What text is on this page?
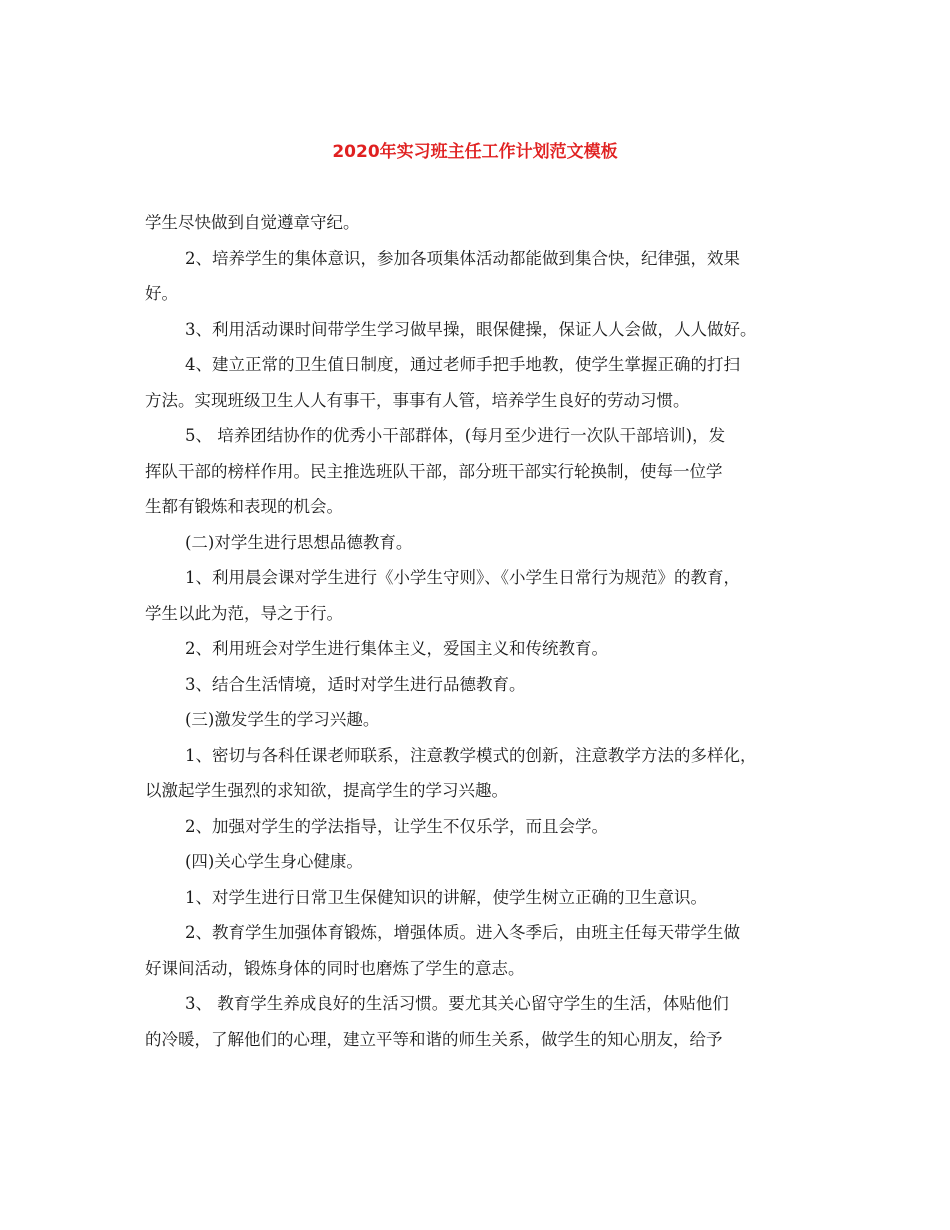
2020年实习班主任工作计划范文模板
学生尽快做到自觉遵章守纪。
2、培养学生的集体意识，参加各项集体活动都能做到集合快，纪律强，效果
好。
3、利用活动课时间带学生学习做早操，眼保健操，保证人人会做，人人做好。
4、建立正常的卫生值日制度，通过老师手把手地教，使学生掌握正确的打扫
方法。实现班级卫生人人有事干，事事有人管，培养学生良好的劳动习惯。
5、 培养团结协作的优秀小干部群体，(每月至少进行一次队干部培训)，发
挥队干部的榜样作用。民主推选班队干部，部分班干部实行轮换制，使每一位学
生都有锻炼和表现的机会。
(二)对学生进行思想品德教育。
1、利用晨会课对学生进行《小学生守则》、《小学生日常行为规范》的教育，
学生以此为范，导之于行。
2、利用班会对学生进行集体主义，爱国主义和传统教育。
3、结合生活情境，适时对学生进行品德教育。
(三)激发学生的学习兴趣。
1、密切与各科任课老师联系，注意教学模式的创新，注意教学方法的多样化，
以激起学生强烈的求知欲，提高学生的学习兴趣。
2、加强对学生的学法指导，让学生不仅乐学，而且会学。
(四)关心学生身心健康。
1、对学生进行日常卫生保健知识的讲解，使学生树立正确的卫生意识。
2、教育学生加强体育锻炼，增强体质。进入冬季后，由班主任每天带学生做
好课间活动，锻炼身体的同时也磨炼了学生的意志。
3、 教育学生养成良好的生活习惯。要尤其关心留守学生的生活，体贴他们
的冷暖，了解他们的心理，建立平等和谐的师生关系，做学生的知心朋友，给予
